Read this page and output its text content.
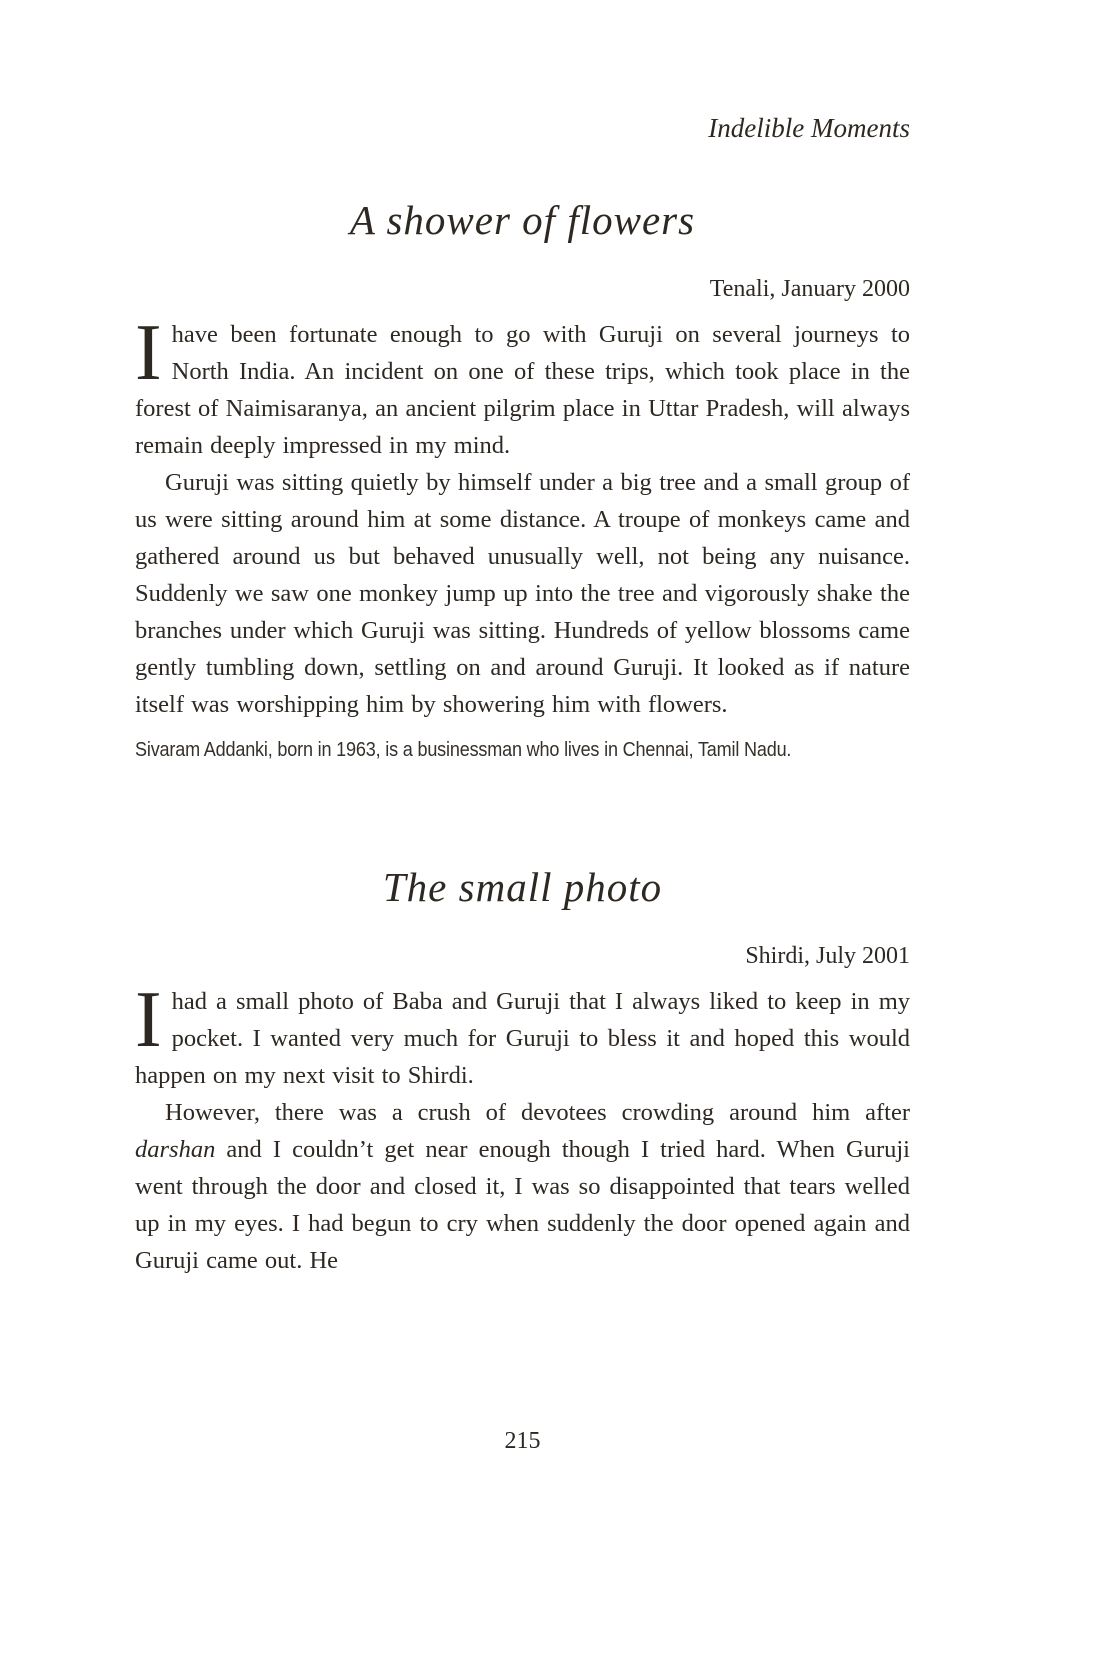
Indelible Moments
A shower of flowers
Tenali, January 2000

Ihave been fortunate enough to go with Guruji on several journeys to North India. An incident on one of these trips, which took place in the forest of Naimisaranya, an ancient pilgrim place in Uttar Pradesh, will always remain deeply impressed in my mind.

Guruji was sitting quietly by himself under a big tree and a small group of us were sitting around him at some distance. A troupe of monkeys came and gathered around us but behaved unusually well, not being any nuisance. Suddenly we saw one monkey jump up into the tree and vigorously shake the branches under which Guruji was sitting. Hundreds of yellow blossoms came gently tumbling down, settling on and around Guruji. It looked as if nature itself was worshipping him by showering him with flowers.

Sivaram Addanki, born in 1963, is a businessman who lives in Chennai, Tamil Nadu.

The small photo
Shirdi, July 2001

Ihad a small photo of Baba and Guruji that I always liked to keep in my pocket. I wanted very much for Guruji to bless it and hoped this would happen on my next visit to Shirdi.

However, there was a crush of devotees crowding around him after darshan and I couldn’t get near enough though I tried hard. When Guruji went through the door and closed it, I was so disappointed that tears welled up in my eyes. I had begun to cry when suddenly the door opened again and Guruji came out. He

215
